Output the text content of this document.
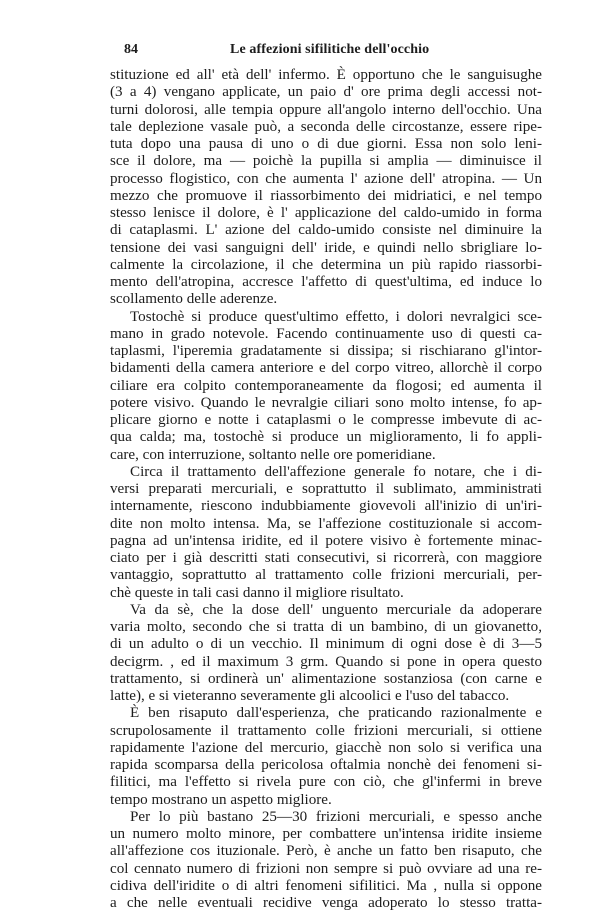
84	Le affezioni sifilitiche dell'occhio
stituzione ed all' età dell' infermo. È opportuno che le sanguisughe
(3 a 4) vengano applicate, un paio d' ore prima degli accessi not-
turni dolorosi, alle tempia oppure all'angolo interno dell'occhio. Una
tale deplezione vasale può, a seconda delle circostanze, essere ripe-
tuta dopo una pausa di uno o di due giorni. Essa non solo leni-
sce il dolore, ma — poichè la pupilla si amplia — diminuisce il
processo flogistico, con che aumenta l' azione dell' atropina. — Un
mezzo che promuove il riassorbimento dei midriatici, e nel tempo
stesso lenisce il dolore, è l' applicazione del caldo-umido in forma
di cataplasmi. L' azione del caldo-umido consiste nel diminuire la
tensione dei vasi sanguigni dell' iride, e quindi nello sbrigliare lo-
calmente la circolazione, il che determina un più rapido riassorbi-
mento dell'atropina, accresce l'affetto di quest'ultima, ed induce lo
scollamento delle aderenze.
Tostochè si produce quest'ultimo effetto, i dolori nevralgici sce-
mano in grado notevole. Facendo continuamente uso di questi ca-
taplasmi, l'iperemia gradatamente si dissipa; si rischiarano gl'intor-
bidamenti della camera anteriore e del corpo vitreo, allorchè il corpo
ciliare era colpito contemporaneamente da flogosi; ed aumenta il
potere visivo. Quando le nevralgie ciliari sono molto intense, fo ap-
plicare giorno e notte i cataplasmi o le compresse imbevute di ac-
qua calda; ma, tostochè si produce un miglioramento, li fo appli-
care, con interruzione, soltanto nelle ore pomeridiane.
Circa il trattamento dell'affezione generale fo notare, che i di-
versi preparati mercuriali, e soprattutto il sublimato, amministrati
internamente, riescono indubbiamente giovevoli all'inizio di un'iri-
dite non molto intensa. Ma, se l'affezione costituzionale si accom-
pagna ad un'intensa iridite, ed il potere visivo è fortemente minac-
ciato per i già descritti stati consecutivi, si ricorrerà, con maggiore
vantaggio, soprattutto al trattamento colle frizioni mercuriali, per-
chè queste in tali casi danno il migliore risultato.
Va da sè, che la dose dell' unguento mercuriale da adoperare
varia molto, secondo che si tratta di un bambino, di un giovanetto,
di un adulto o di un vecchio. Il minimum di ogni dose è di 3—5
decigrm. , ed il maximum 3 grm. Quando si pone in opera questo
trattamento, si ordinerà un' alimentazione sostanziosa (con carne e
latte), e si vieteranno severamente gli alcoolici e l'uso del tabacco.
È ben risaputo dall'esperienza, che praticando razionalmente e
scrupolosamente il trattamento colle frizioni mercuriali, si ottiene
rapidamente l'azione del mercurio, giacchè non solo si verifica una
rapida scomparsa della pericolosa oftalmia nonchè dei fenomeni si-
filitici, ma l'effetto si rivela pure con ciò, che gl'infermi in breve
tempo mostrano un aspetto migliore.
Per lo più bastano 25—30 frizioni mercuriali, e spesso anche
un numero molto minore, per combattere un'intensa iridite insieme
all'affezione cos ituzionale. Però, è anche un fatto ben risaputo, che
col cennato numero di frizioni non sempre si può ovviare ad una re-
cidiva dell'iridite o di altri fenomeni sifilitici. Ma , nulla si oppone
a che nelle eventuali recidive venga adoperato lo stesso tratta-
